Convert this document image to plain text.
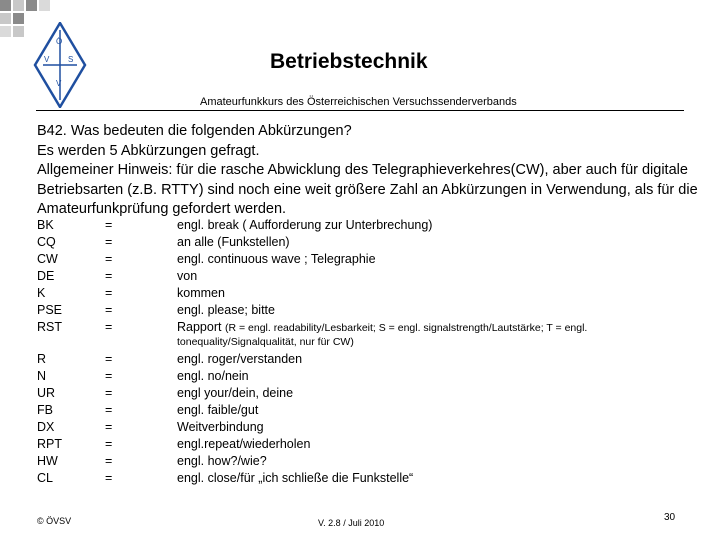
Ö
V S
V
Betriebstechnik
Amateurfunkkurs des Österreichischen Versuchssenderverbands
B42. Was bedeuten die folgenden Abkürzungen?
Es werden 5 Abkürzungen gefragt.
Allgemeiner Hinweis: für die rasche Abwicklung des Telegraphieverkehres(CW), aber auch für digitale Betriebsarten (z.B. RTTY) sind noch eine weit größere Zahl an Abkürzungen in Verwendung, als für die Amateurfunkprüfung gefordert werden.
BK	=	engl. break ( Aufforderung zur Unterbrechung)
CQ	=	an alle (Funkstellen)
CW	=	engl. continuous wave ; Telegraphie
DE	=	von
K	=	kommen
PSE	=	engl. please; bitte
RST	=	Rapport (R = engl. readability/Lesbarkeit; S = engl. signalstrength/Lautstärke; T = engl.
tonequality/Signalqualität, nur für CW)
R	=	engl. roger/verstanden
N	=	engl. no/nein
UR	=	engl your/dein, deine
FB	=	engl. faible/gut
DX	=	Weitverbindung
RPT	=	engl.repeat/wiederholen
HW	=	engl. how?/wie?
CL	=	engl. close/für „ich schließe die Funkstelle“
© ÖVSV	V. 2.8 / Juli 2010	30
